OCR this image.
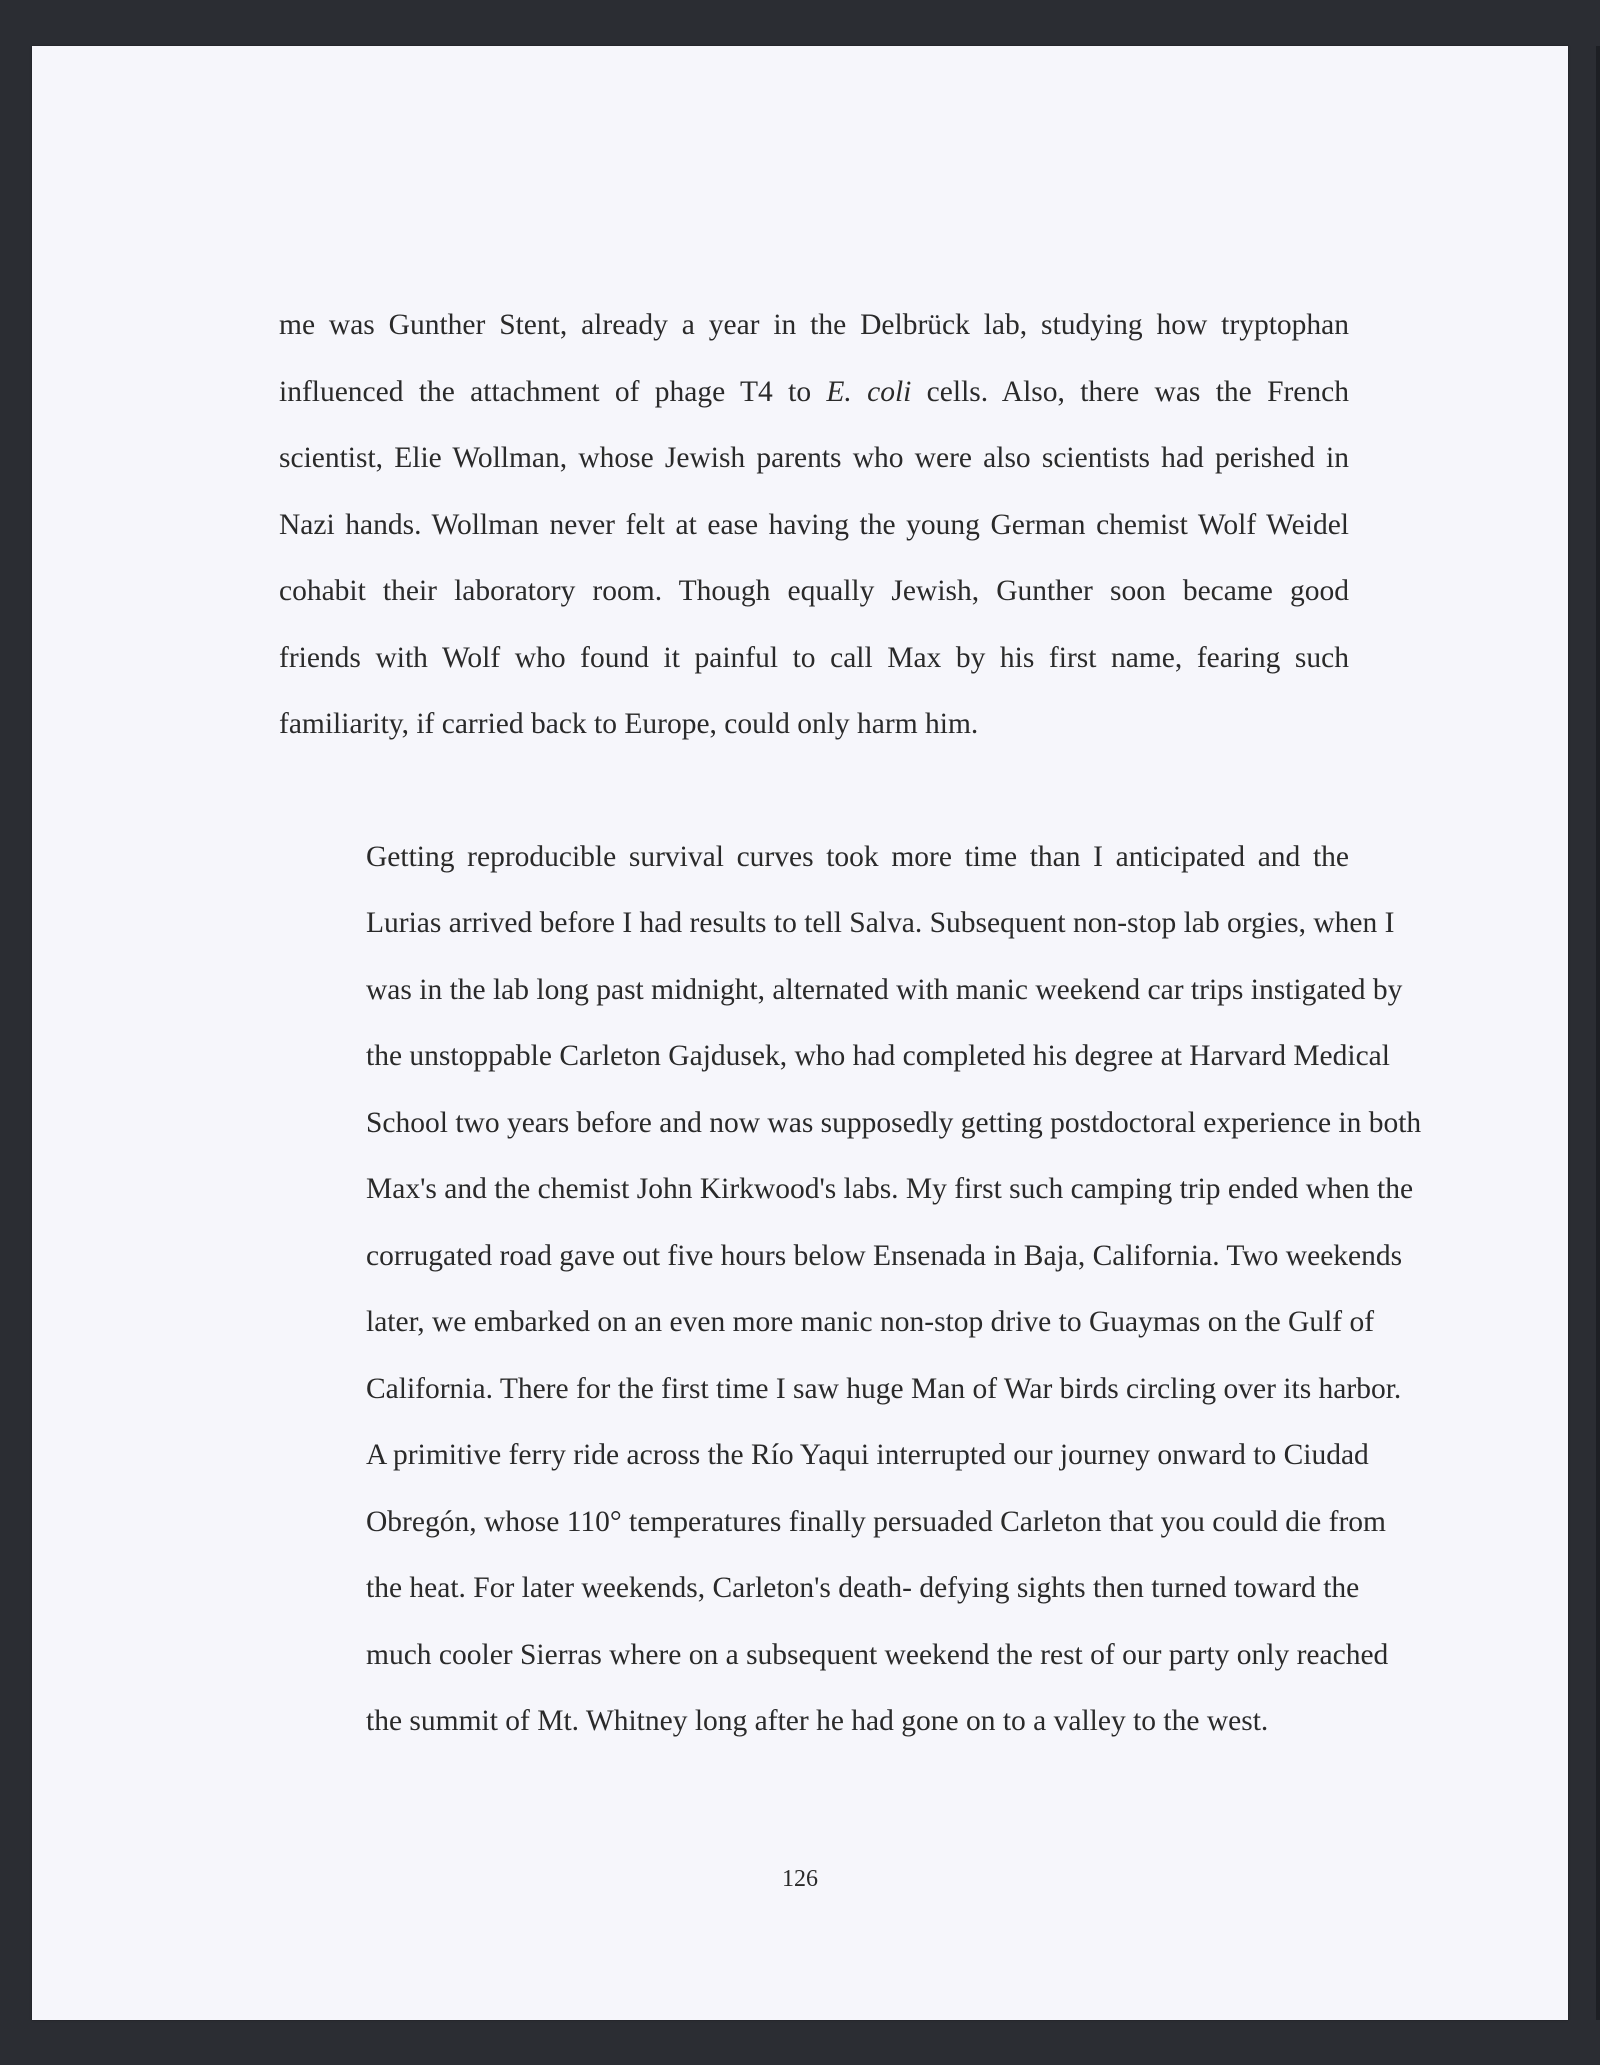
me was Gunther Stent, already a year in the Delbrück lab, studying how tryptophan
influenced the attachment of phage T4 to E. coli cells. Also, there was the French
scientist, Elie Wollman, whose Jewish parents who were also scientists had perished in
Nazi hands. Wollman never felt at ease having the young German chemist Wolf Weidel
cohabit their laboratory room. Though equally Jewish, Gunther soon became good
friends with Wolf who found it painful to call Max by his first name, fearing such
familiarity, if carried back to Europe, could only harm him.

Getting reproducible survival curves took more time than I anticipated and the
Lurias arrived before I had results to tell Salva. Subsequent non-stop lab orgies, when I
was in the lab long past midnight, alternated with manic weekend car trips instigated by
the unstoppable Carleton Gajdusek, who had completed his degree at Harvard Medical
School two years before and now was supposedly getting postdoctoral experience in both
Max's and the chemist John Kirkwood's labs. My first such camping trip ended when the
corrugated road gave out five hours below Ensenada in Baja, California. Two weekends
later, we embarked on an even more manic non-stop drive to Guaymas on the Gulf of
California. There for the first time I saw huge Man of War birds circling over its harbor.
A primitive ferry ride across the Río Yaqui interrupted our journey onward to Ciudad
Obregón, whose 110° temperatures finally persuaded Carleton that you could die from
the heat. For later weekends, Carleton's death- defying sights then turned toward the
much cooler Sierras where on a subsequent weekend the rest of our party only reached
the summit of Mt. Whitney long after he had gone on to a valley to the west.

126
